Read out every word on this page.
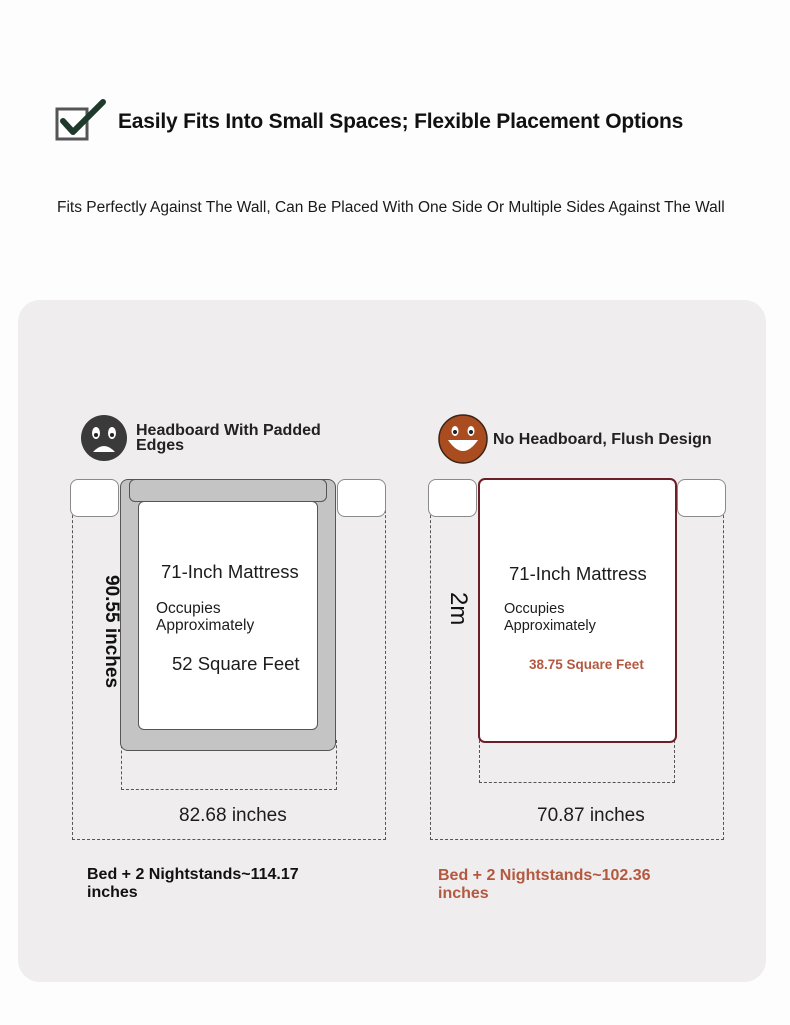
Easily Fits Into Small Spaces; Flexible Placement Options
Fits Perfectly Against The Wall, Can Be Placed With One Side Or Multiple Sides Against The Wall
Headboard With Padded Edges
71-Inch Mattress
Occupies Approximately
52 Square Feet
90.55 inches
82.68 inches
Bed + 2 Nightstands~114.17 inches
No Headboard, Flush Design
71-Inch Mattress
Occupies Approximately
38.75 Square Feet
2m
70.87 inches
Bed + 2 Nightstands~102.36 inches
